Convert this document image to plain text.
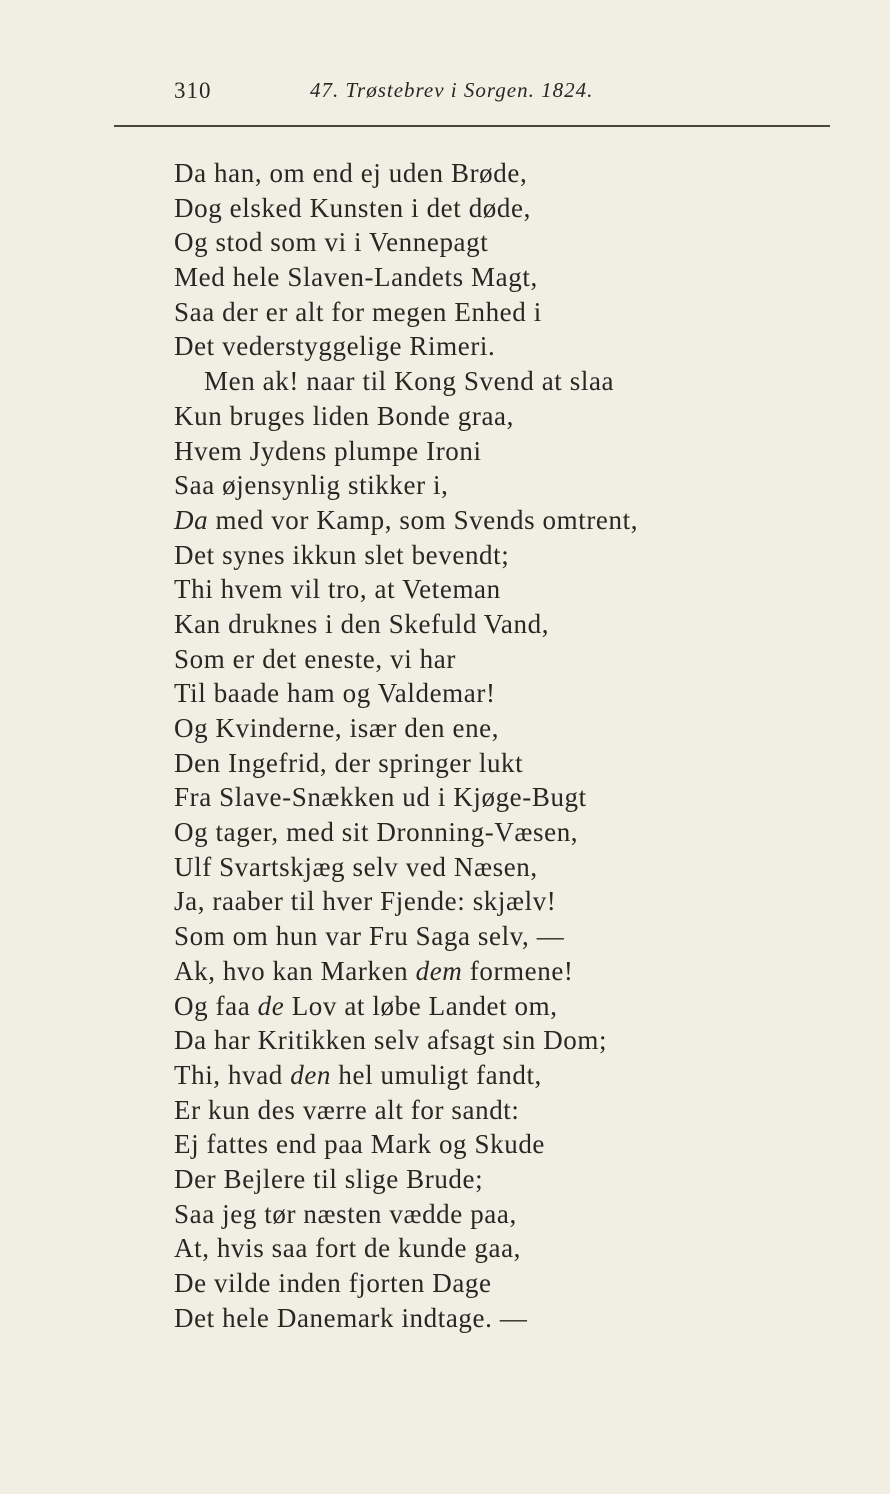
310	47. Trøstebrev i Sorgen. 1824.
Da han, om end ej uden Brøde,
Dog elsked Kunsten i det døde,
Og stod som vi i Vennepagt
Med hele Slaven-Landets Magt,
Saa der er alt for megen Enhed i
Det vederstyggelige Rimeri.
Men ak! naar til Kong Svend at slaa
Kun bruges liden Bonde graa,
Hvem Jydens plumpe Ironi
Saa øjensynlig stikker i,
Da med vor Kamp, som Svends omtrent,
Det synes ikkun slet bevendt;
Thi hvem vil tro, at Veteman
Kan druknes i den Skefuld Vand,
Som er det eneste, vi har
Til baade ham og Valdemar!
Og Kvinderne, især den ene,
Den Ingefrid, der springer lukt
Fra Slave-Snækken ud i Kjøge-Bugt
Og tager, med sit Dronning-Væsen,
Ulf Svartskjæg selv ved Næsen,
Ja, raaber til hver Fjende: skjælv!
Som om hun var Fru Saga selv, —
Ak, hvo kan Marken dem formene!
Og faa de Lov at løbe Landet om,
Da har Kritikken selv afsagt sin Dom;
Thi, hvad den hel umuligt fandt,
Er kun des værre alt for sandt:
Ej fattes end paa Mark og Skude
Der Bejlere til slige Brude;
Saa jeg tør næsten vædde paa,
At, hvis saa fort de kunde gaa,
De vilde inden fjorten Dage
Det hele Danemark indtage. —
